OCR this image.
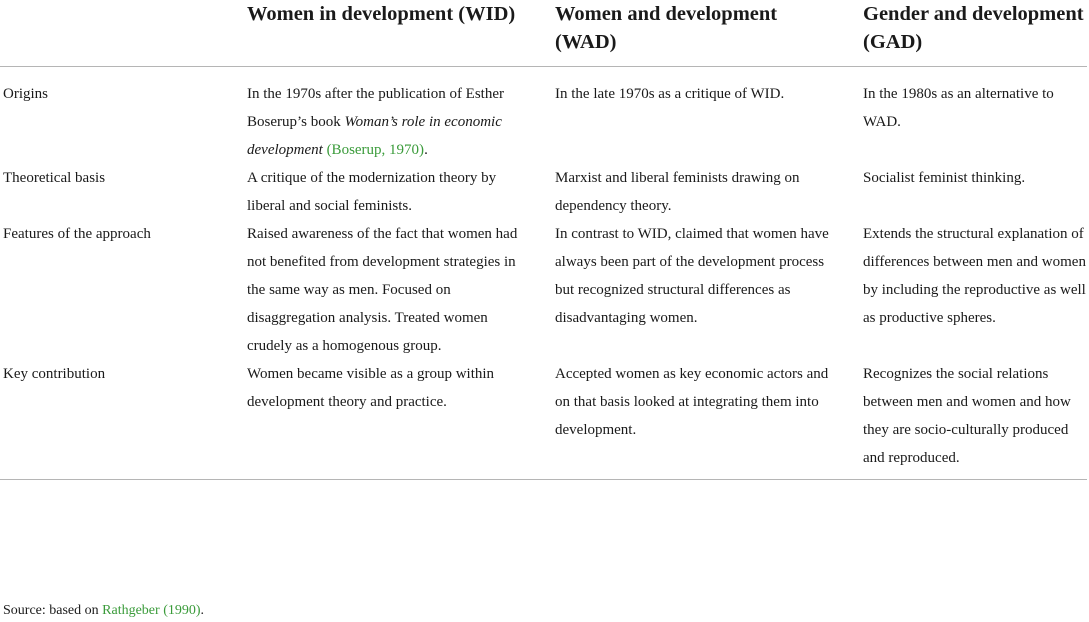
	Women in development (WID)	Women and development (WAD)	Gender and development (GAD)

Origins	In the 1970s after the publication of Esther Boserup’s book Woman’s role in economic development (Boserup, 1970).	In the late 1970s as a critique of WID.	In the 1980s as an alternative to WAD.

Theoretical basis	A critique of the modernization theory by liberal and social feminists.	Marxist and liberal feminists drawing on dependency theory.	Socialist feminist thinking.

Features of the approach	Raised awareness of the fact that women had not benefited from development strategies in the same way as men. Focused on disaggregation analysis. Treated women crudely as a homogenous group.	In contrast to WID, claimed that women have always been part of the development process but recognized structural differences as disadvantaging women.	Extends the structural explanation of differences between men and women by including the reproductive as well as productive spheres.

Key contribution	Women became visible as a group within development theory and practice.	Accepted women as key economic actors and on that basis looked at integrating them into development.	Recognizes the social relations between men and women and how they are socio-culturally produced and reproduced.
Source: based on Rathgeber (1990).
